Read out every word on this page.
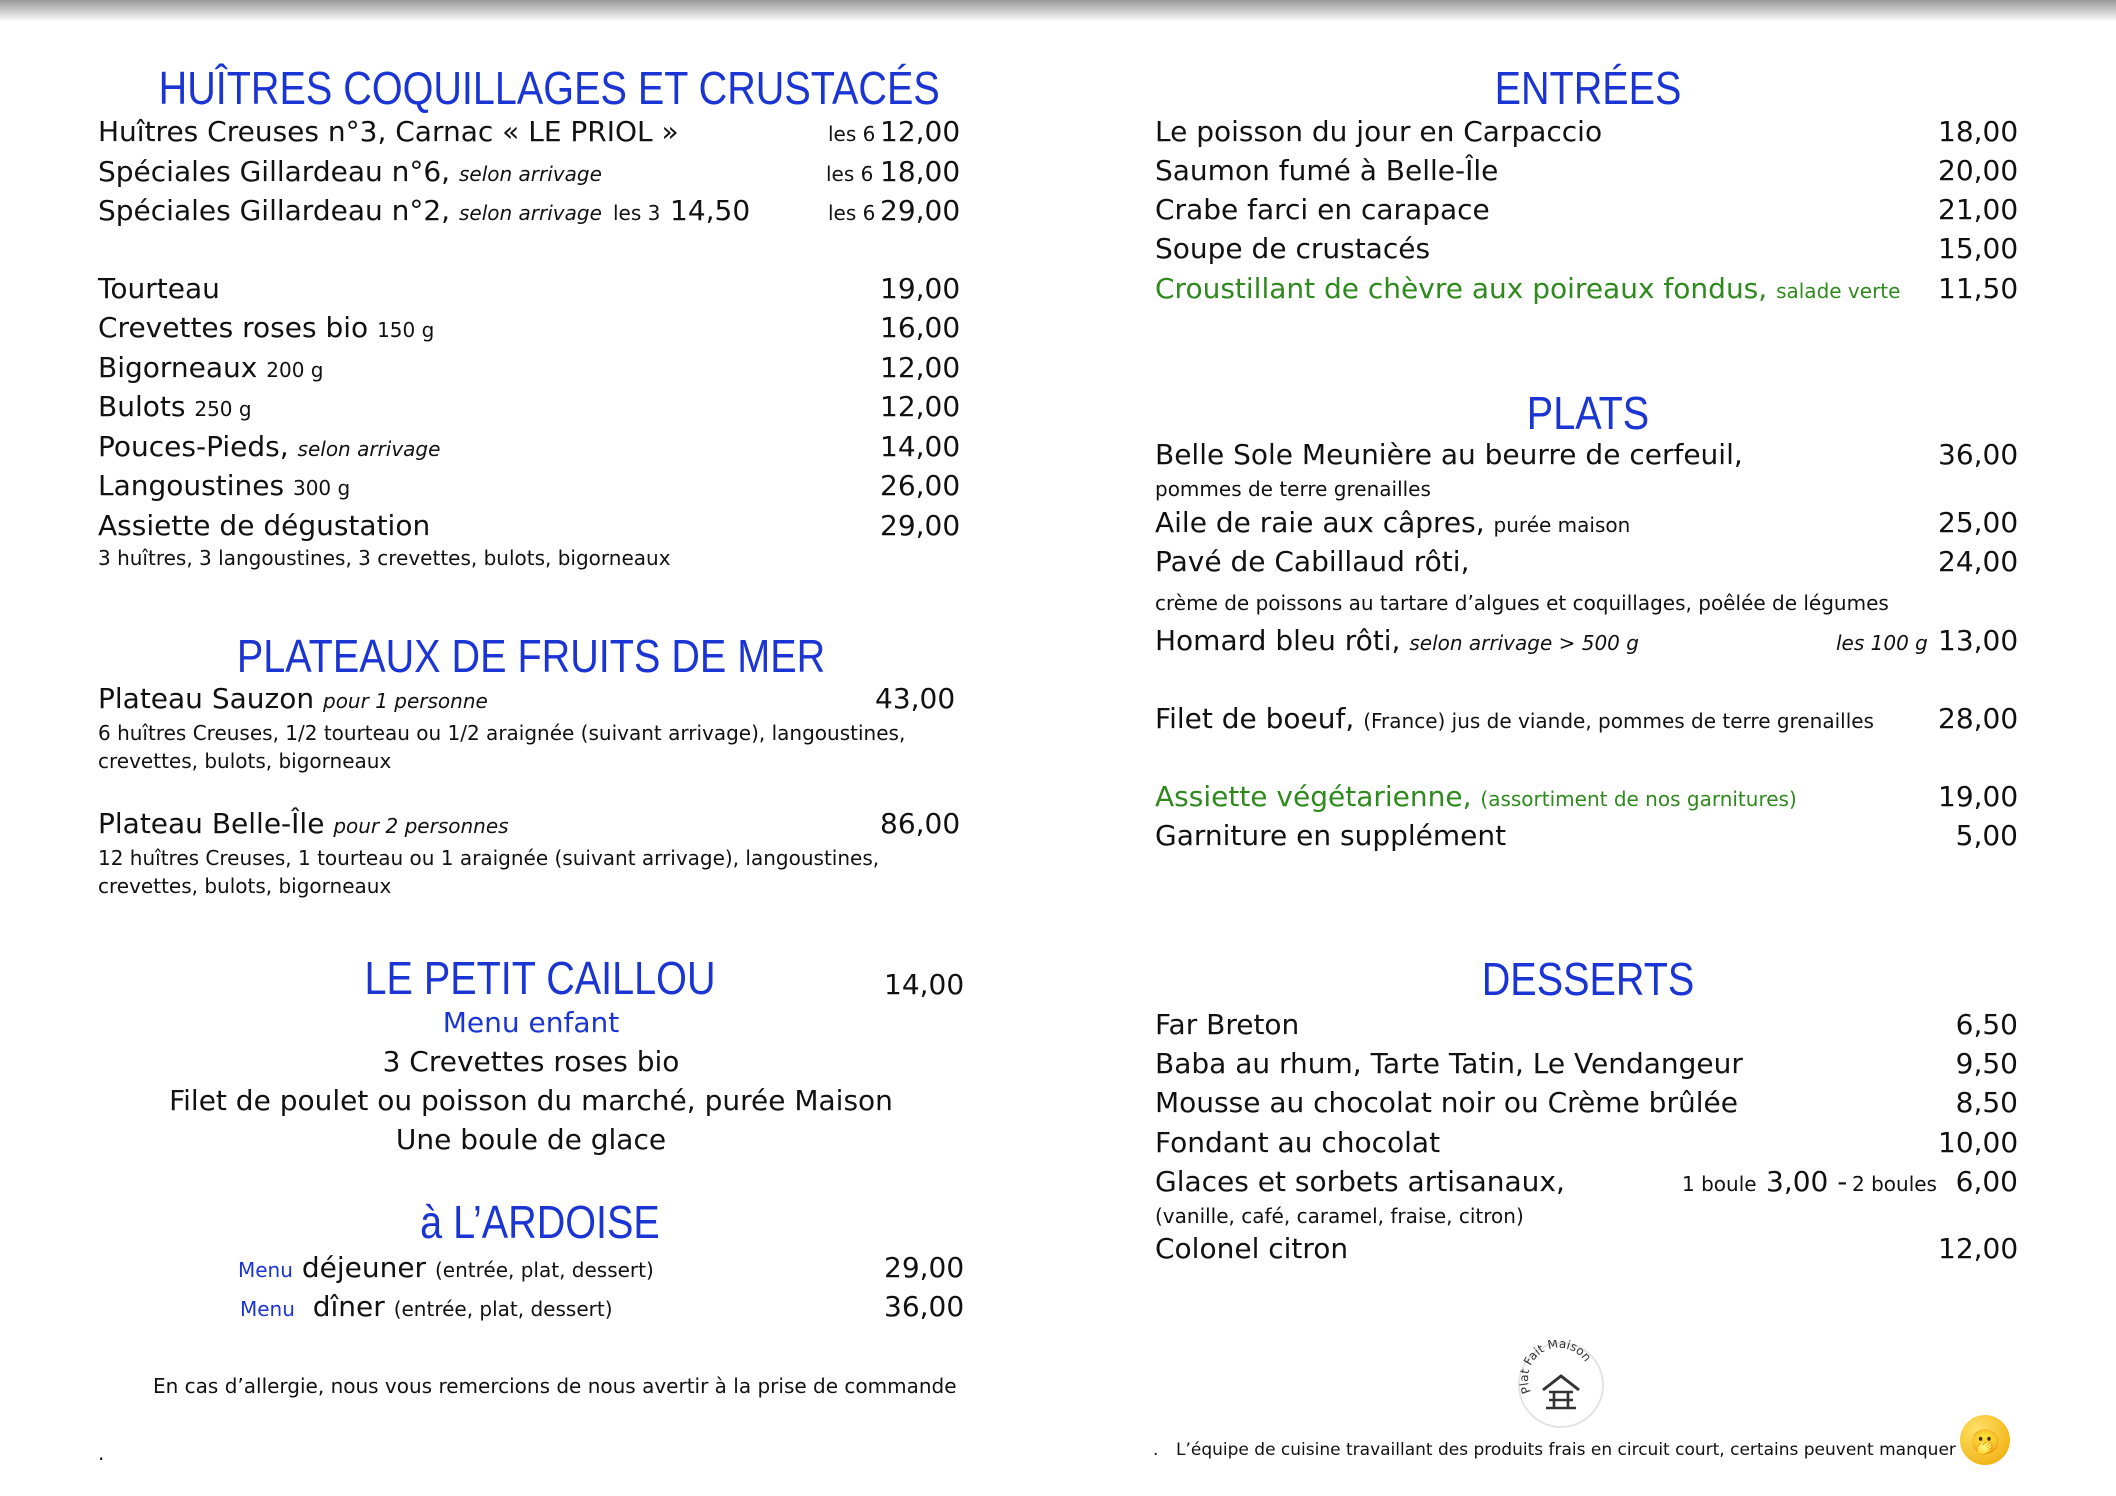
HUÎTRES COQUILLAGES ET CRUSTACÉS
Huîtres Creuses n°3, Carnac « LE PRIOL »	les 6 12,00
Spéciales Gillardeau n°6, selon arrivage	les 6 18,00
Spéciales Gillardeau n°2, selon arrivage les 3 14,50	les 6 29,00
Tourteau	19,00
Crevettes roses bio 150 g	16,00
Bigorneaux 200 g	12,00
Bulots 250 g	12,00
Pouces-Pieds, selon arrivage	14,00
Langoustines 300 g	26,00
Assiette de dégustation	29,00
3 huîtres, 3 langoustines, 3 crevettes, bulots, bigorneaux
PLATEAUX DE FRUITS DE MER
Plateau Sauzon pour 1 personne	43,00
6 huîtres Creuses, 1/2 tourteau ou 1/2 araignée (suivant arrivage), langoustines,
crevettes, bulots, bigorneaux
Plateau Belle-Île pour 2 personnes	86,00
12 huîtres Creuses, 1 tourteau ou 1 araignée (suivant arrivage), langoustines,
crevettes, bulots, bigorneaux
LE PETIT CAILLOU	14,00
Menu enfant
3 Crevettes roses bio
Filet de poulet ou poisson du marché, purée Maison
Une boule de glace
à L’ARDOISE
Menu déjeuner (entrée, plat, dessert)	29,00
Menu dîner (entrée, plat, dessert)	36,00
En cas d’allergie, nous vous remercions de nous avertir à la prise de commande
.
ENTRÉES
Le poisson du jour en Carpaccio	18,00
Saumon fumé à Belle-Île	20,00
Crabe farci en carapace	21,00
Soupe de crustacés	15,00
Croustillant de chèvre aux poireaux fondus, salade verte 11,50
PLATS
Belle Sole Meunière au beurre de cerfeuil,	36,00
pommes de terre grenailles
Aile de raie aux câpres, purée maison	25,00
Pavé de Cabillaud rôti,	24,00
crème de poissons au tartare d’algues et coquillages, poêlée de légumes
Homard bleu rôti, selon arrivage > 500 g	les 100 g 13,00
Filet de boeuf, (France) jus de viande, pommes de terre grenailles 28,00
Assiette végétarienne, (assortiment de nos garnitures)	19,00
Garniture en supplément	5,00
DESSERTS
Far Breton	6,50
Baba au rhum, Tarte Tatin, Le Vendangeur	9,50
Mousse au chocolat noir ou Crème brûlée	8,50
Fondant au chocolat	10,00
Glaces et sorbets artisanaux,	1 boule 3,00 - 2 boules 6,00
(vanille, café, caramel, fraise, citron)
Colonel citron	12,00
Plat Fait Maison
. L’équipe de cuisine travaillant des produits frais en circuit court, certains peuvent manquer 🫢
